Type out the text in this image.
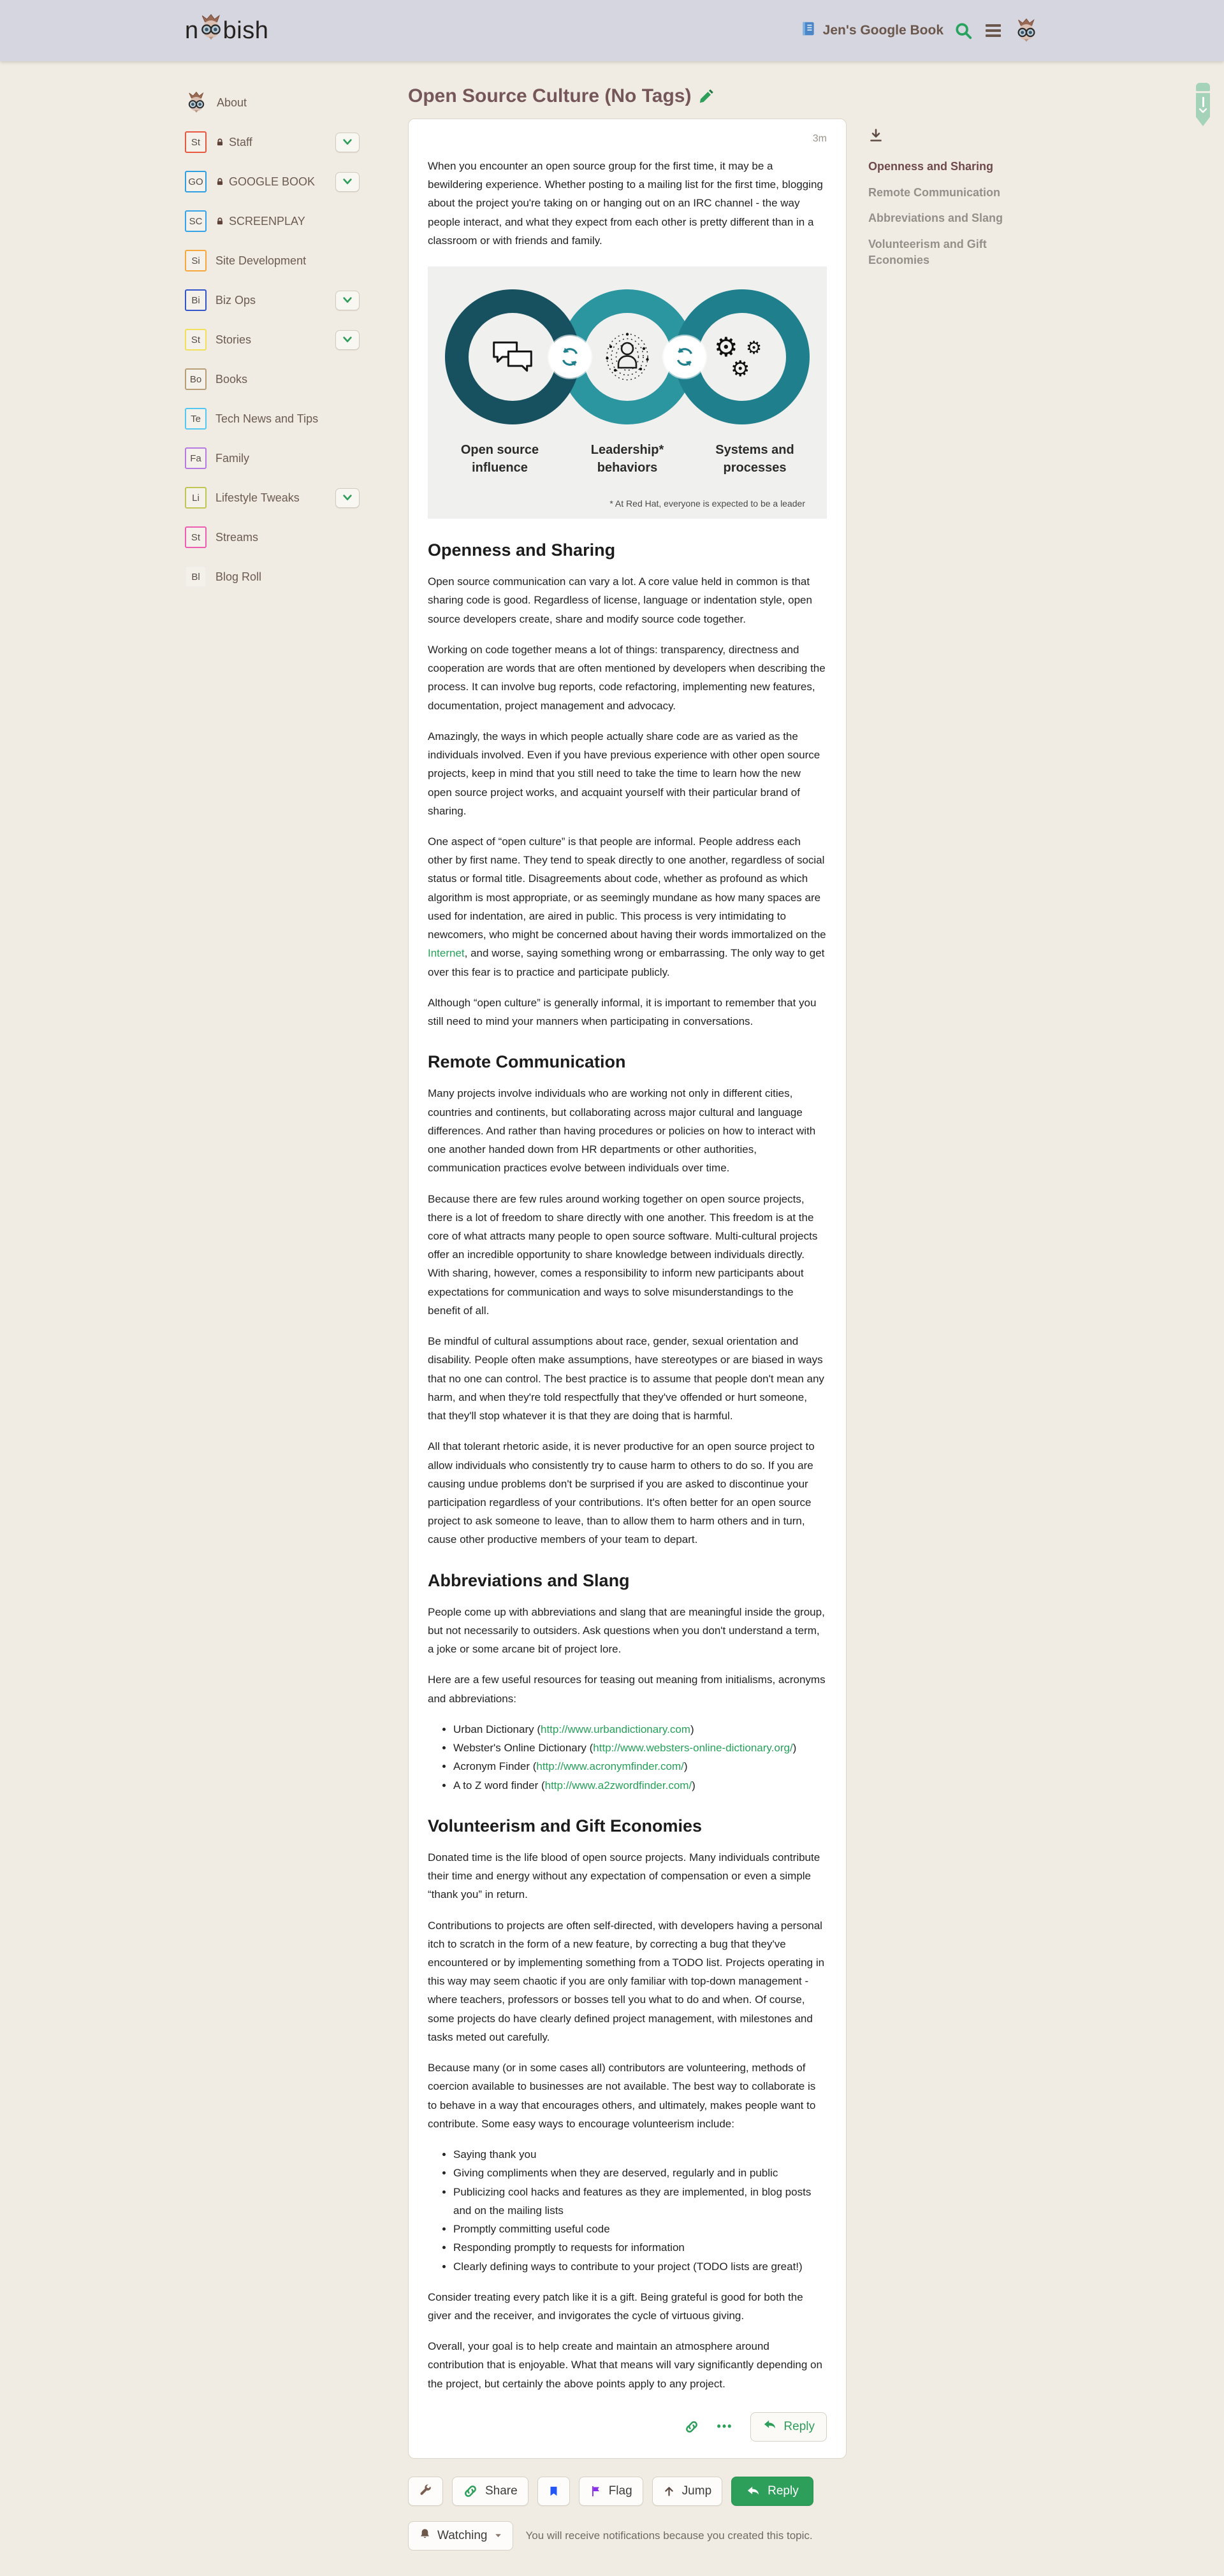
n bish	Jen's Google Book
About
St	Staff
GO GOOGLE BOOK
SC	SCREENPLAY
Si	Site Development
Bi	Biz Ops
St	Stories
Bo	Books
Te	Tech News and Tips
Fa	Family
Li	Lifestyle Tweaks
St	Streams
Bl	Blog Roll
Open Source Culture (No Tags)
3m

When you encounter an open source group for the first time, it may be a bewildering experience. Whether posting to a mailing list for the first time, blogging about the project you're taking on or hanging out on an IRC channel - the way people interact, and what they expect from each other is pretty different than in a classroom or with friends and family.

⚙ ⚙
⚙
Open source influence
Leadership* behaviors
Systems and processes
* At Red Hat, everyone is expected to be a leader
Openness and Sharing

Open source communication can vary a lot. A core value held in common is that sharing code is good. Regardless of license, language or indentation style, open source developers create, share and modify source code together.

Working on code together means a lot of things: transparency, directness and cooperation are words that are often mentioned by developers when describing the process. It can involve bug reports, code refactoring, implementing new features, documentation, project management and advocacy.

Amazingly, the ways in which people actually share code are as varied as the individuals involved. Even if you have previous experience with other open source projects, keep in mind that you still need to take the time to learn how the new open source project works, and acquaint yourself with their particular brand of sharing.

One aspect of “open culture” is that people are informal. People address each other by first name. They tend to speak directly to one another, regardless of social status or formal title. Disagreements about code, whether as profound as which algorithm is most appropriate, or as seemingly mundane as how many spaces are used for indentation, are aired in public. This process is very intimidating to newcomers, who might be concerned about having their words immortalized on the Internet, and worse, saying something wrong or embarrassing. The only way to get over this fear is to practice and participate publicly.

Although “open culture” is generally informal, it is important to remember that you still need to mind your manners when participating in conversations.

Remote Communication

Many projects involve individuals who are working not only in different cities, countries and continents, but collaborating across major cultural and language differences. And rather than having procedures or policies on how to interact with one another handed down from HR departments or other authorities, communication practices evolve between individuals over time.

Because there are few rules around working together on open source projects, there is a lot of freedom to share directly with one another. This freedom is at the core of what attracts many people to open source software. Multi-cultural projects offer an incredible opportunity to share knowledge between individuals directly. With sharing, however, comes a responsibility to inform new participants about expectations for communication and ways to solve misunderstandings to the benefit of all.

Be mindful of cultural assumptions about race, gender, sexual orientation and disability. People often make assumptions, have stereotypes or are biased in ways that no one can control. The best practice is to assume that people don't mean any harm, and when they're told respectfully that they've offended or hurt someone, that they'll stop whatever it is that they are doing that is harmful.

All that tolerant rhetoric aside, it is never productive for an open source project to allow individuals who consistently try to cause harm to others to do so. If you are causing undue problems don't be surprised if you are asked to discontinue your participation regardless of your contributions. It's often better for an open source project to ask someone to leave, than to allow them to harm others and in turn, cause other productive members of your team to depart.

Abbreviations and Slang

People come up with abbreviations and slang that are meaningful inside the group, but not necessarily to outsiders. Ask questions when you don't understand a term, a joke or some arcane bit of project lore.

Here are a few useful resources for teasing out meaning from initialisms, acronyms and abbreviations:

• Urban Dictionary (http://www.urbandictionary.com)
• Webster's Online Dictionary (http://www.websters-online-dictionary.org/)
• Acronym Finder (http://www.acronymfinder.com/)
• A to Z word finder (http://www.a2zwordfinder.com/)
Volunteerism and Gift Economies

Donated time is the life blood of open source projects. Many individuals contribute their time and energy without any expectation of compensation or even a simple “thank you” in return.

Contributions to projects are often self-directed, with developers having a personal itch to scratch in the form of a new feature, by correcting a bug that they've encountered or by implementing something from a TODO list. Projects operating in this way may seem chaotic if you are only familiar with top-down management - where teachers, professors or bosses tell you what to do and when. Of course, some projects do have clearly defined project management, with milestones and tasks meted out carefully.

Because many (or in some cases all) contributors are volunteering, methods of coercion available to businesses are not available. The best way to collaborate is to behave in a way that encourages others, and ultimately, makes people want to contribute. Some easy ways to encourage volunteerism include:

• Saying thank you
• Giving compliments when they are deserved, regularly and in public
• Publicizing cool hacks and features as they are implemented, in blog posts and on the mailing lists
• Promptly committing useful code
• Responding promptly to requests for information
• Clearly defining ways to contribute to your project (TODO lists are great!)

Consider treating every patch like it is a gift. Being grateful is good for both the giver and the receiver, and invigorates the cycle of virtuous giving.

Overall, your goal is to help create and maintain an atmosphere around contribution that is enjoyable. What that means will vary significantly depending on the project, but certainly the above points apply to any project.

•••	Reply
Share	Flag	Jump	Reply
Watching	You will receive notifications because you created this topic.
Openness and Sharing
Remote Communication
Abbreviations and Slang
Volunteerism and Gift Economies
